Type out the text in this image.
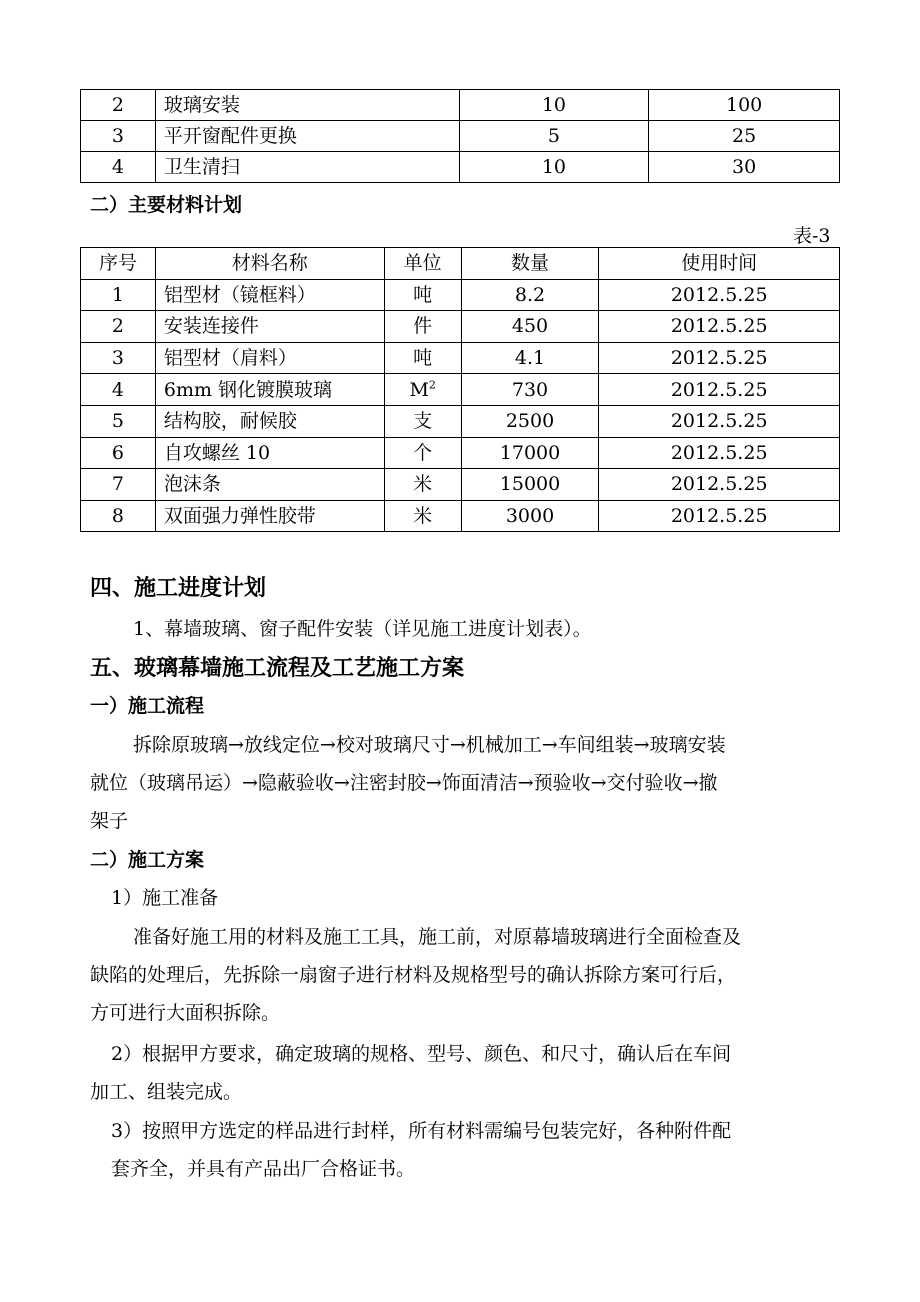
2	玻璃安装	10	100
3	平开窗配件更换	5	25
4	卫生清扫	10	30
二）主要材料计划
表-3
序号	材料名称	单位	数量	使用时间
1	铝型材（镜框料）	吨	8.2	2012.5.25
2	安装连接件	件	450	2012.5.25
3	铝型材（肩料）	吨	4.1	2012.5.25
4	6mm 钢化镀膜玻璃	$M^2$	730	2012.5.25
5	结构胶，耐候胶	支	2500	2012.5.25
6	自攻螺丝 10	个	17000	2012.5.25
7	泡沫条	米	15000	2012.5.25
8	双面强力弹性胶带	米	3000	2012.5.25
四、施工进度计划
1、幕墙玻璃、窗子配件安装（详见施工进度计划表）。
五、玻璃幕墙施工流程及工艺施工方案
一）施工流程
拆除原玻璃→放线定位→校对玻璃尺寸→机械加工→车间组装→玻璃安装
就位（玻璃吊运）→隐蔽验收→注密封胶→饰面清洁→预验收→交付验收→撤
架子
二）施工方案
1）施工准备
准备好施工用的材料及施工工具，施工前，对原幕墙玻璃进行全面检查及
缺陷的处理后，先拆除一扇窗子进行材料及规格型号的确认拆除方案可行后，
方可进行大面积拆除。
2）根据甲方要求，确定玻璃的规格、型号、颜色、和尺寸，确认后在车间
加工、组装完成。
3）按照甲方选定的样品进行封样，所有材料需编号包装完好，各种附件配
套齐全，并具有产品出厂合格证书。
